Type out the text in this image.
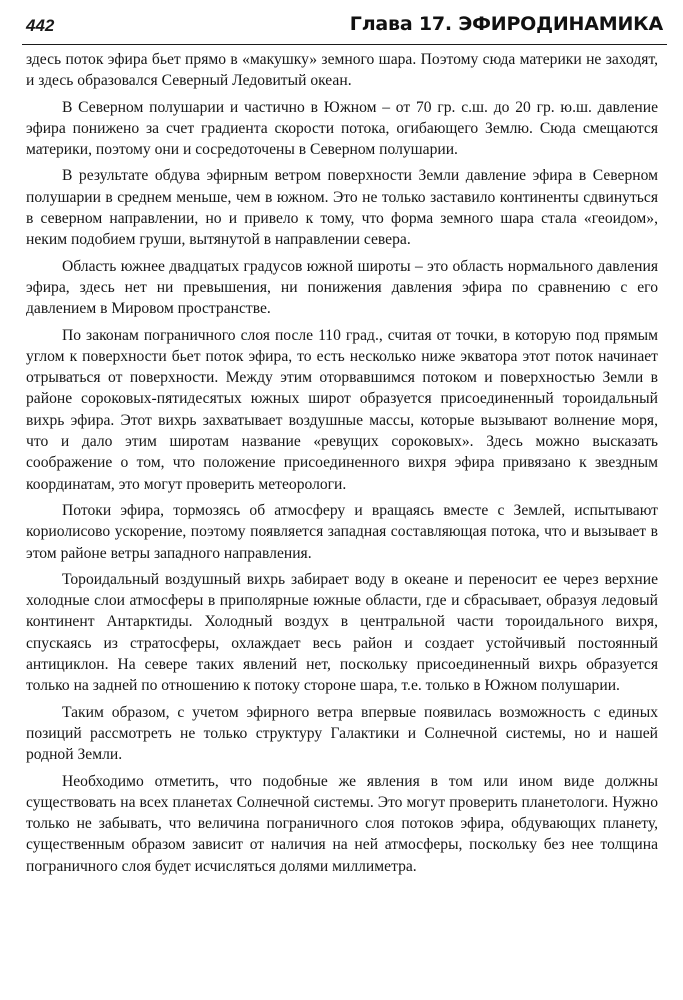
442	Глава 17. ЭФИРОДИНАМИКА

здесь поток эфира бьет прямо в «макушку» земного шара. Поэтому сюда материки не заходят, и здесь образовался Северный Ледовитый океан.

В Северном полушарии и частично в Южном – от 70 гр. с.ш. до 20 гр. ю.ш. давление эфира понижено за счет градиента скорости потока, огибающего Землю. Сюда смещаются материки, поэтому они и сосредоточены в Северном полушарии.

В результате обдува эфирным ветром поверхности Земли давление эфира в Северном полушарии в среднем меньше, чем в южном. Это не только заставило континенты сдвинуться в северном направлении, но и привело к тому, что форма земного шара стала «геоидом», неким подобием груши, вытянутой в направлении севера.

Область южнее двадцатых градусов южной широты – это область нормального давления эфира, здесь нет ни превышения, ни понижения давления эфира по сравнению с его давлением в Мировом пространстве.

По законам пограничного слоя после 110 град., считая от точки, в которую под прямым углом к поверхности бьет поток эфира, то есть несколько ниже экватора этот поток начинает отрываться от поверхности. Между этим оторвавшимся потоком и поверхностью Земли в районе сороковых-пятидесятых южных широт образуется присоединенный тороидальный вихрь эфира. Этот вихрь захватывает воздушные массы, которые вызывают волнение моря, что и дало этим широтам название «ревущих сороковых». Здесь можно высказать соображение о том, что положение присоединенного вихря эфира привязано к звездным координатам, это могут проверить метеорологи.

Потоки эфира, тормозясь об атмосферу и вращаясь вместе с Землей, испытывают кориолисово ускорение, поэтому появляется западная составляющая потока, что и вызывает в этом районе ветры западного направления.

Тороидальный воздушный вихрь забирает воду в океане и переносит ее через верхние холодные слои атмосферы в приполярные южные области, где и сбрасывает, образуя ледовый континент Антарктиды. Холодный воздух в центральной части тороидального вихря, спускаясь из стратосферы, охлаждает весь район и создает устойчивый постоянный антициклон. На севере таких явлений нет, поскольку присоединенный вихрь образуется только на задней по отношению к потоку стороне шара, т.е. только в Южном полушарии.

Таким образом, с учетом эфирного ветра впервые появилась возможность с единых позиций рассмотреть не только структуру Галактики и Солнечной системы, но и нашей родной Земли.

Необходимо отметить, что подобные же явления в том или ином виде должны существовать на всех планетах Солнечной системы. Это могут проверить планетологи. Нужно только не забывать, что величина пограничного слоя потоков эфира, обдувающих планету, существенным образом зависит от наличия на ней атмосферы, поскольку без нее толщина пограничного слоя будет исчисляться долями миллиметра.
